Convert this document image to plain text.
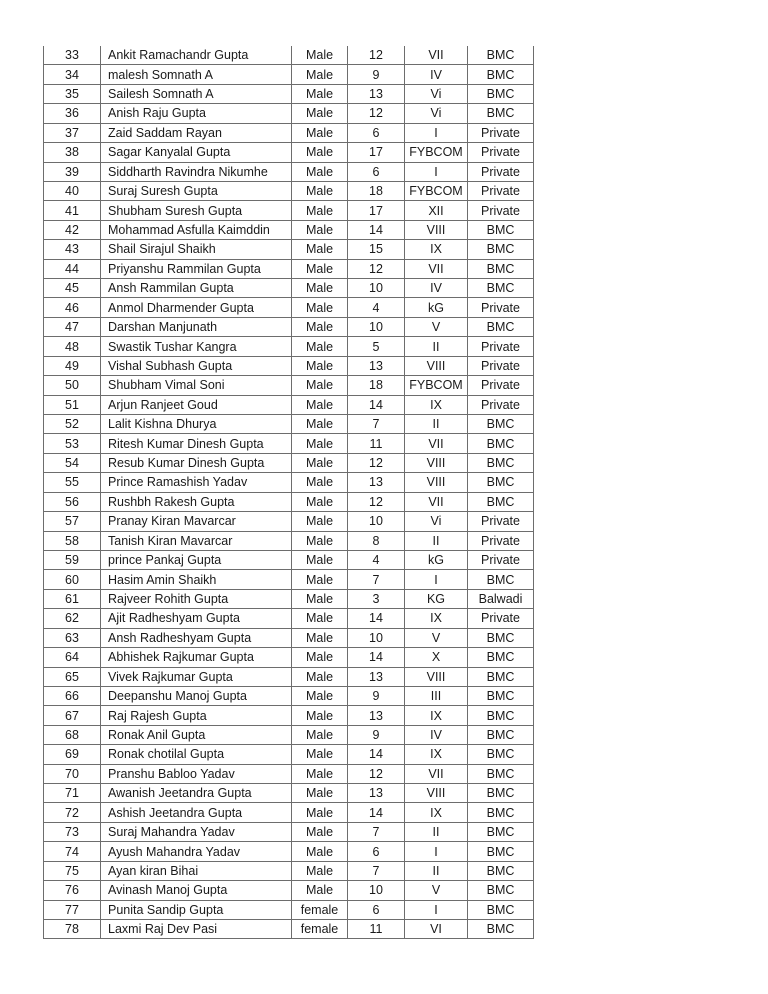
33	Ankit Ramachandr Gupta	Male	12	VII	BMC
34	malesh Somnath A	Male	9	IV	BMC
35	Sailesh Somnath A	Male	13	Vi	BMC
36	Anish Raju Gupta	Male	12	Vi	BMC
37	Zaid Saddam Rayan	Male	6	I	Private
38	Sagar Kanyalal Gupta	Male	17	FYBCOM	Private
39	Siddharth Ravindra Nikumhe	Male	6	I	Private
40	Suraj Suresh Gupta	Male	18	FYBCOM	Private
41	Shubham Suresh Gupta	Male	17	XII	Private
42	Mohammad Asfulla Kaimddin	Male	14	VIII	BMC
43	Shail Sirajul Shaikh	Male	15	IX	BMC
44	Priyanshu Rammilan Gupta	Male	12	VII	BMC
45	Ansh Rammilan Gupta	Male	10	IV	BMC
46	Anmol Dharmender Gupta	Male	4	kG	Private
47	Darshan Manjunath	Male	10	V	BMC
48	Swastik Tushar Kangra	Male	5	II	Private
49	Vishal Subhash Gupta	Male	13	VIII	Private
50	Shubham Vimal Soni	Male	18	FYBCOM	Private
51	Arjun Ranjeet Goud	Male	14	IX	Private
52	Lalit Kishna Dhurya	Male	7	II	BMC
53	Ritesh Kumar Dinesh Gupta	Male	11	VII	BMC
54	Resub Kumar Dinesh Gupta	Male	12	VIII	BMC
55	Prince Ramashish Yadav	Male	13	VIII	BMC
56	Rushbh Rakesh Gupta	Male	12	VII	BMC
57	Pranay Kiran Mavarcar	Male	10	Vi	Private
58	Tanish Kiran Mavarcar	Male	8	II	Private
59	prince Pankaj Gupta	Male	4	kG	Private
60	Hasim Amin Shaikh	Male	7	I	BMC
61	Rajveer Rohith Gupta	Male	3	KG	Balwadi
62	Ajit Radheshyam Gupta	Male	14	IX	Private
63	Ansh Radheshyam Gupta	Male	10	V	BMC
64	Abhishek Rajkumar Gupta	Male	14	X	BMC
65	Vivek Rajkumar Gupta	Male	13	VIII	BMC
66	Deepanshu Manoj Gupta	Male	9	III	BMC
67	Raj Rajesh Gupta	Male	13	IX	BMC
68	Ronak Anil Gupta	Male	9	IV	BMC
69	Ronak chotilal Gupta	Male	14	IX	BMC
70	Pranshu Babloo Yadav	Male	12	VII	BMC
71	Awanish Jeetandra Gupta	Male	13	VIII	BMC
72	Ashish Jeetandra Gupta	Male	14	IX	BMC
73	Suraj Mahandra Yadav	Male	7	II	BMC
74	Ayush Mahandra Yadav	Male	6	I	BMC
75	Ayan kiran Bihai	Male	7	II	BMC
76	Avinash Manoj Gupta	Male	10	V	BMC
77	Punita Sandip Gupta	female	6	I	BMC
78	Laxmi Raj Dev Pasi	female	11	VI	BMC
